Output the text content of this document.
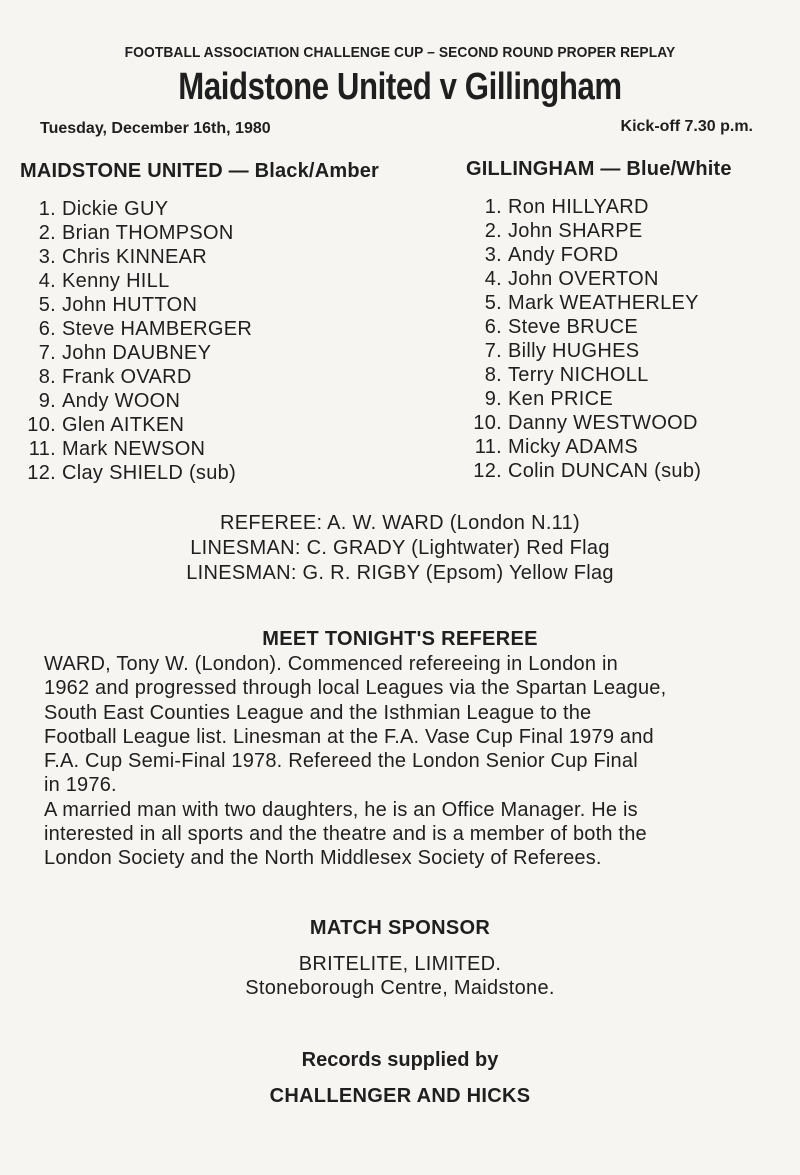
FOOTBALL ASSOCIATION CHALLENGE CUP – SECOND ROUND PROPER REPLAY
Maidstone United v Gillingham
Tuesday, December 16th, 1980	Kick-off 7.30 p.m.
MAIDSTONE UNITED — Black/Amber
1. Dickie GUY
2. Brian THOMPSON
3. Chris KINNEAR
4. Kenny HILL
5. John HUTTON
6. Steve HAMBERGER
7. John DAUBNEY
8. Frank OVARD
9. Andy WOON
10. Glen AITKEN
11. Mark NEWSON
12. Clay SHIELD (sub)
GILLINGHAM — Blue/White
1. Ron HILLYARD
2. John SHARPE
3. Andy FORD
4. John OVERTON
5. Mark WEATHERLEY
6. Steve BRUCE
7. Billy HUGHES
8. Terry NICHOLL
9. Ken PRICE
10. Danny WESTWOOD
11. Micky ADAMS
12. Colin DUNCAN (sub)
REFEREE: A. W. WARD (London N.11)
LINESMAN: C. GRADY (Lightwater) Red Flag
LINESMAN: G. R. RIGBY (Epsom) Yellow Flag
MEET TONIGHT'S REFEREE

WARD, Tony W. (London). Commenced refereeing in London in

1962 and progressed through local Leagues via the Spartan League,

South East Counties League and the Isthmian League to the

Football League list. Linesman at the F.A. Vase Cup Final 1979 and

F.A. Cup Semi-Final 1978. Refereed the London Senior Cup Final

in 1976.

A married man with two daughters, he is an Office Manager. He is

interested in all sports and the theatre and is a member of both the

London Society and the North Middlesex Society of Referees.

MATCH SPONSOR
BRITELITE, LIMITED.
Stoneborough Centre, Maidstone.
Records supplied by
CHALLENGER AND HICKS
